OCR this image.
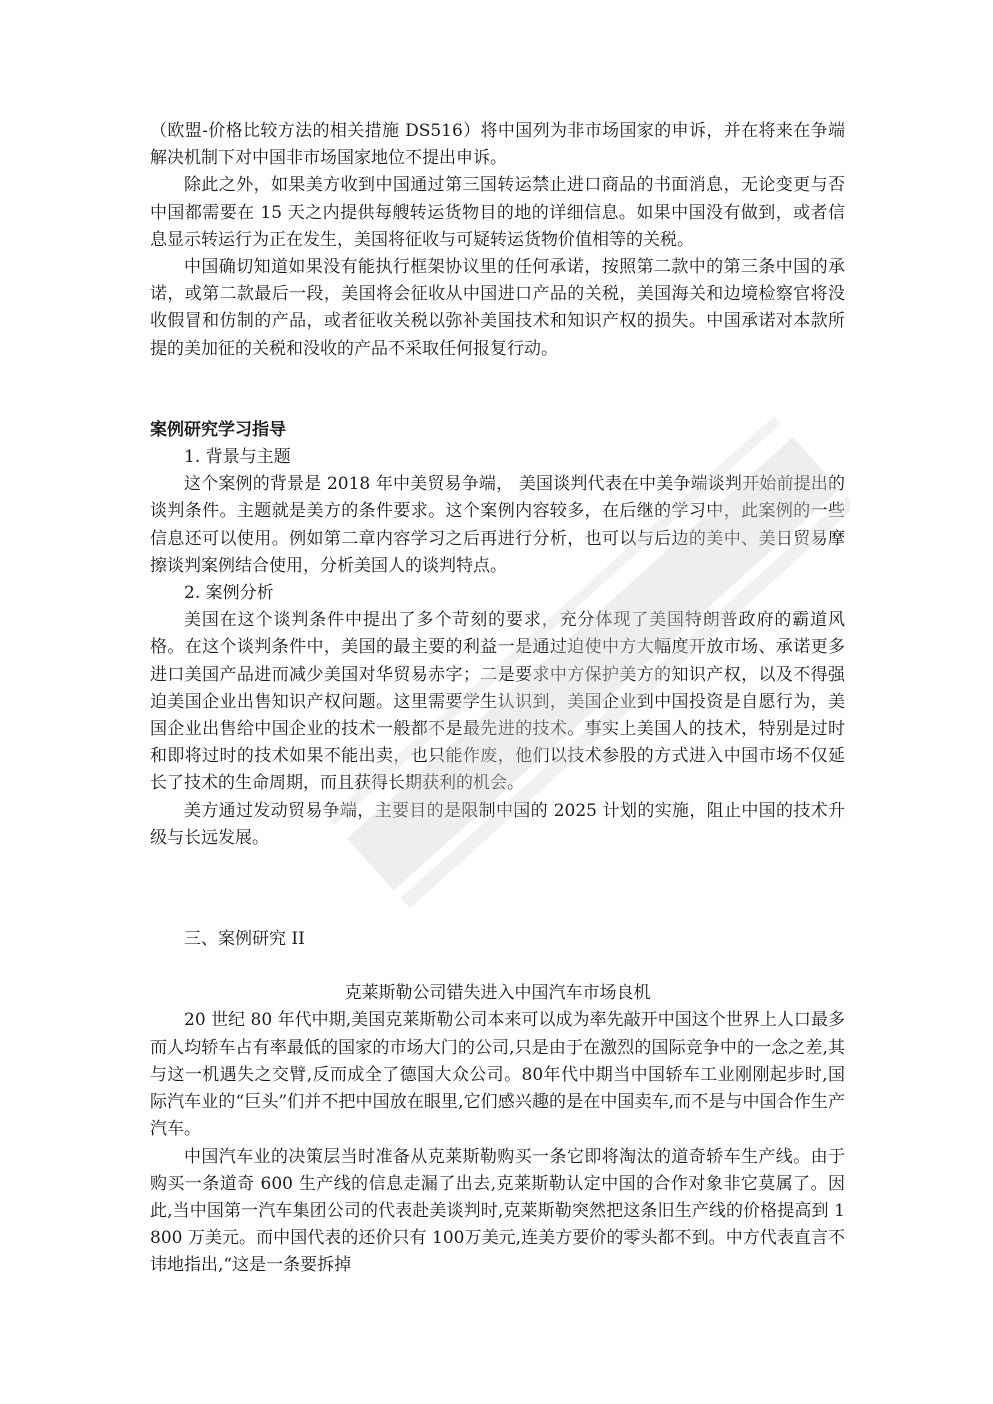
（欧盟-价格比较方法的相关措施 DS516）将中国列为非市场国家的申诉，并在将来在争端解决机制下对中国非市场国家地位不提出申诉。

除此之外，如果美方收到中国通过第三国转运禁止进口商品的书面消息，无论变更与否中国都需要在 15 天之内提供每艘转运货物目的地的详细信息。如果中国没有做到，或者信息显示转运行为正在发生，美国将征收与可疑转运货物价值相等的关税。

中国确切知道如果没有能执行框架协议里的任何承诺，按照第二款中的第三条中国的承诺，或第二款最后一段，美国将会征收从中国进口产品的关税，美国海关和边境检察官将没收假冒和仿制的产品，或者征收关税以弥补美国技术和知识产权的损失。中国承诺对本款所提的美加征的关税和没收的产品不采取任何报复行动。

案例研究学习指导

1. 背景与主题

这个案例的背景是 2018 年中美贸易争端， 美国谈判代表在中美争端谈判开始前提出的谈判条件。主题就是美方的条件要求。这个案例内容较多，在后继的学习中，此案例的一些信息还可以使用。例如第二章内容学习之后再进行分析，也可以与后边的美中、美日贸易摩擦谈判案例结合使用，分析美国人的谈判特点。

2. 案例分析

美国在这个谈判条件中提出了多个苛刻的要求，充分体现了美国特朗普政府的霸道风格。在这个谈判条件中，美国的最主要的利益一是通过迫使中方大幅度开放市场、承诺更多进口美国产品进而减少美国对华贸易赤字；二是要求中方保护美方的知识产权，以及不得强迫美国企业出售知识产权问题。这里需要学生认识到，美国企业到中国投资是自愿行为，美国企业出售给中国企业的技术一般都不是最先进的技术。事实上美国人的技术，特别是过时和即将过时的技术如果不能出卖，也只能作废，他们以技术参股的方式进入中国市场不仅延长了技术的生命周期，而且获得长期获利的机会。

美方通过发动贸易争端，主要目的是限制中国的 2025 计划的实施，阻止中国的技术升级与长远发展。

三、案例研究 II

克莱斯勒公司错失进入中国汽车市场良机

20 世纪 80 年代中期,美国克莱斯勒公司本来可以成为率先敲开中国这个世界上人口最多而人均轿车占有率最低的国家的市场大门的公司,只是由于在激烈的国际竞争中的一念之差,其与这一机遇失之交臂,反而成全了德国大众公司。80年代中期当中国轿车工业刚刚起步时,国际汽车业的“巨头”们并不把中国放在眼里,它们感兴趣的是在中国卖车,而不是与中国合作生产汽车。

中国汽车业的决策层当时准备从克莱斯勒购买一条它即将淘汰的道奇轿车生产线。由于购买一条道奇 600 生产线的信息走漏了出去,克莱斯勒认定中国的合作对象非它莫属了。因此,当中国第一汽车集团公司的代表赴美谈判时,克莱斯勒突然把这条旧生产线的价格提高到 1 800 万美元。而中国代表的还价只有 100万美元,连美方要价的零头都不到。中方代表直言不讳地指出,“这是一条要拆掉
